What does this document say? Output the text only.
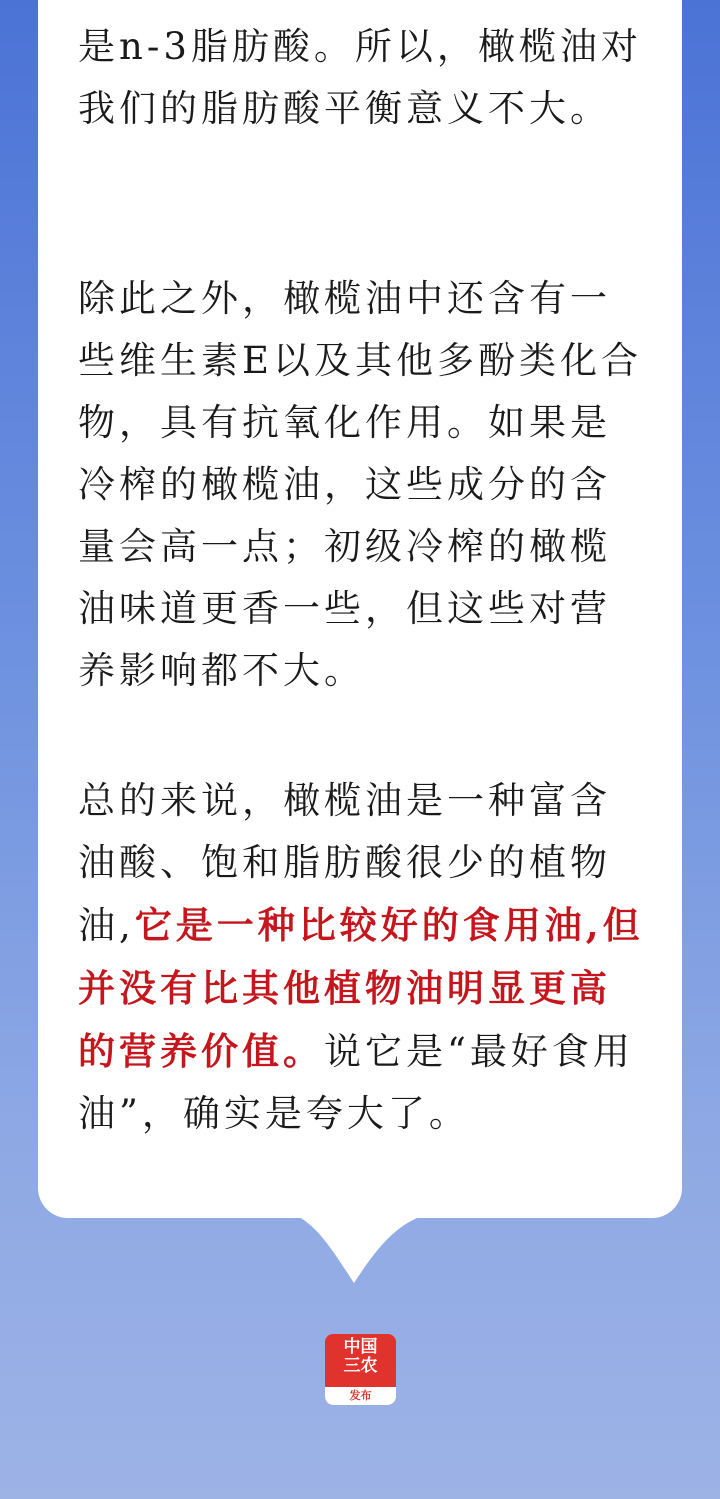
是n-3脂肪酸。所以，橄榄油对我们的脂肪酸平衡意义不大。

除此之外，橄榄油中还含有一些维生素E以及其他多酚类化合物，具有抗氧化作用。如果是冷榨的橄榄油，这些成分的含量会高一点；初级冷榨的橄榄油味道更香一些，但这些对营养影响都不大。

总的来说，橄榄油是一种富含油酸、饱和脂肪酸很少的植物油,它是一种比较好的食用油,但并没有比其他植物油明显更高的营养价值。说它是“最好食用油”，确实是夸大了。

中国
三农
发布
